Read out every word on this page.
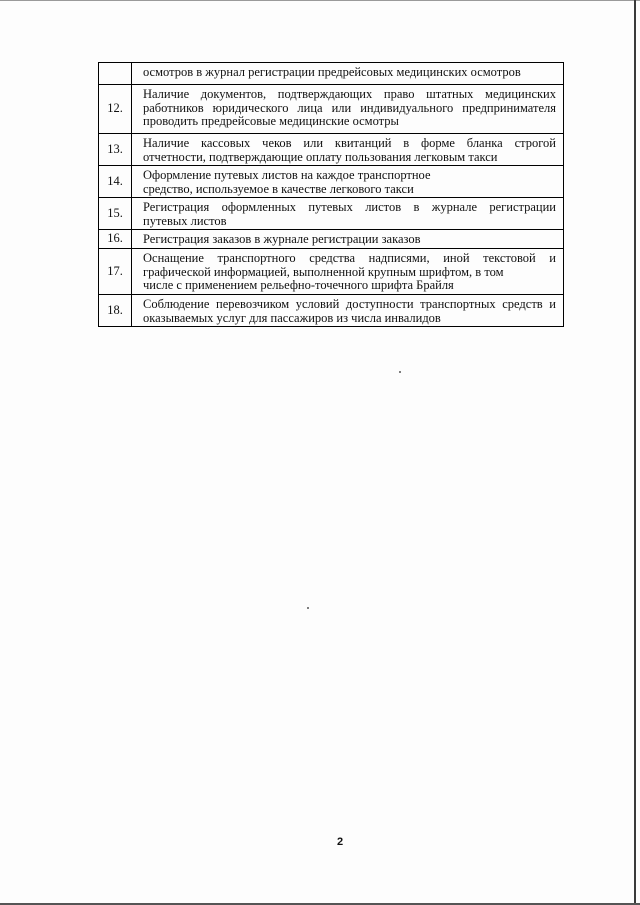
	осмотров в журнал регистрации предрейсовых медицинских осмотров

12.	Наличие документов, подтверждающих право штатных медицинских
работников юридического лица или индивидуального предпринимателя
проводить предрейсовые медицинские осмотры

13.	Наличие кассовых чеков или квитанций в форме бланка строгой
отчетности, подтверждающие оплату пользования легковым такси

14.	Оформление путевых листов на каждое транспортное
средство, используемое в качестве легкового такси

15.	Регистрация оформленных путевых листов в журнале регистрации
путевых листов

16.	Регистрация заказов в журнале регистрации заказов

17.	Оснащение транспортного средства надписями, иной текстовой и
графической информацией, выполненной крупным шрифтом, в том
числе с применением рельефно-точечного шрифта Брайля

18.	Соблюдение перевозчиком условий доступности транспортных средств и
оказываемых услуг для пассажиров из числа инвалидов
2
